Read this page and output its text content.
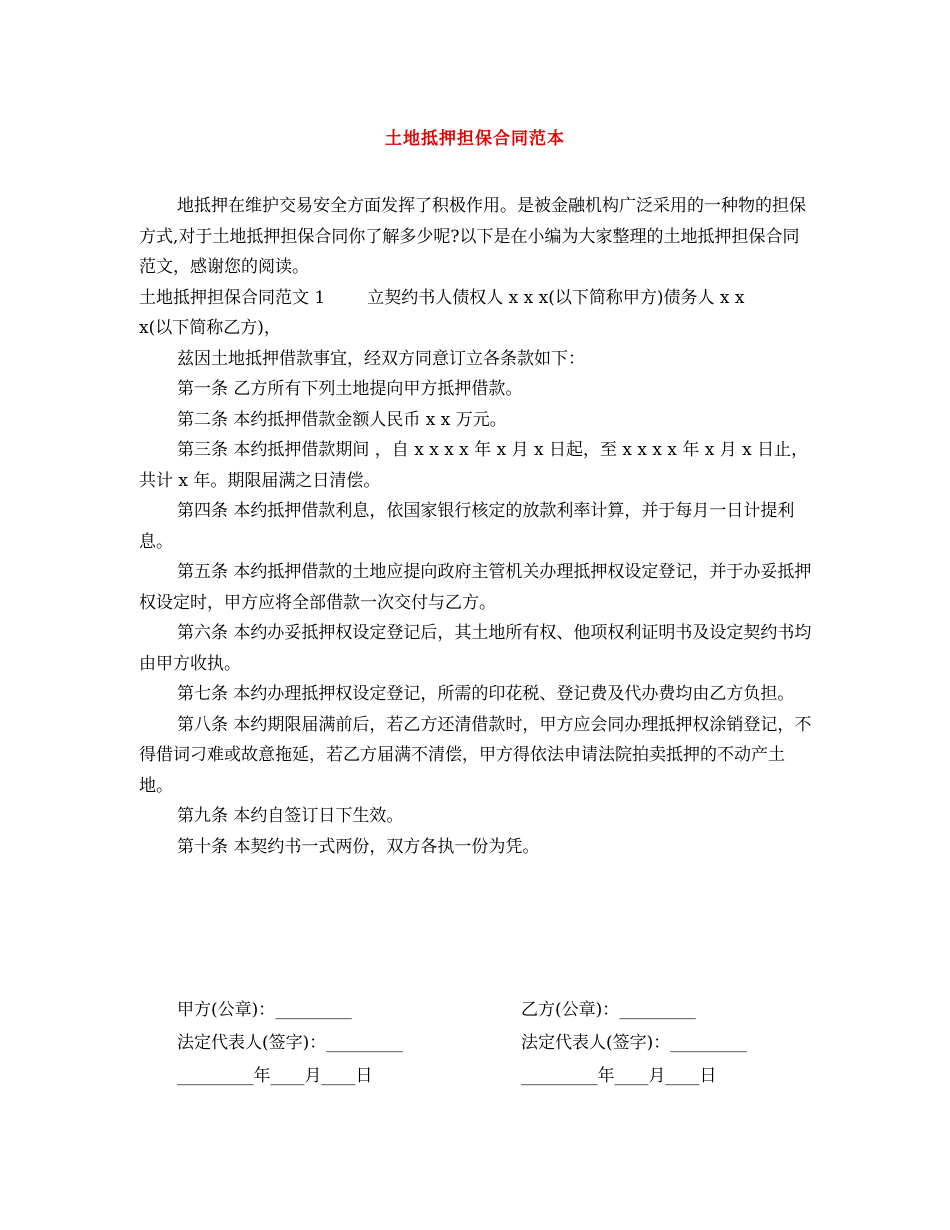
土地抵押担保合同范本

地抵押在维护交易安全方面发挥了积极作用。是被金融机构广泛采用的一种物的担保方式,对于土地抵押担保合同你了解多少呢?以下是在小编为大家整理的土地抵押担保合同范文，感谢您的阅读。

土地抵押担保合同范文 1 立契约书人债权人 x x x(以下简称甲方)债务人 x x

x(以下简称乙方)，

兹因土地抵押借款事宜，经双方同意订立各条款如下：

第一条 乙方所有下列土地提向甲方抵押借款。

第二条 本约抵押借款金额人民币 x x 万元。

第三条 本约抵押借款期间 ，自 x x x x 年 x 月 x 日起，至 x x x x 年 x 月 x 日止，共计 x 年。期限届满之日清偿。

第四条 本约抵押借款利息，依国家银行核定的放款利率计算，并于每月一日计提利息。

第五条 本约抵押借款的土地应提向政府主管机关办理抵押权设定登记，并于办妥抵押权设定时，甲方应将全部借款一次交付与乙方。

第六条 本约办妥抵押权设定登记后，其土地所有权、他项权利证明书及设定契约书均由甲方收执。

第七条 本约办理抵押权设定登记，所需的印花税、登记费及代办费均由乙方负担。

第八条 本约期限届满前后，若乙方还清借款时，甲方应会同办理抵押权涂销登记，不得借词刁难或故意拖延，若乙方届满不清偿，甲方得依法申请法院拍卖抵押的不动产土地。

第九条 本约自签订日下生效。

第十条 本契约书一式两份，双方各执一份为凭。

甲方(公章)：_________	乙方(公章)：_________
法定代表人(签字)：_________	法定代表人(签字)：_________
_________年____月____日	_________年____月____日
